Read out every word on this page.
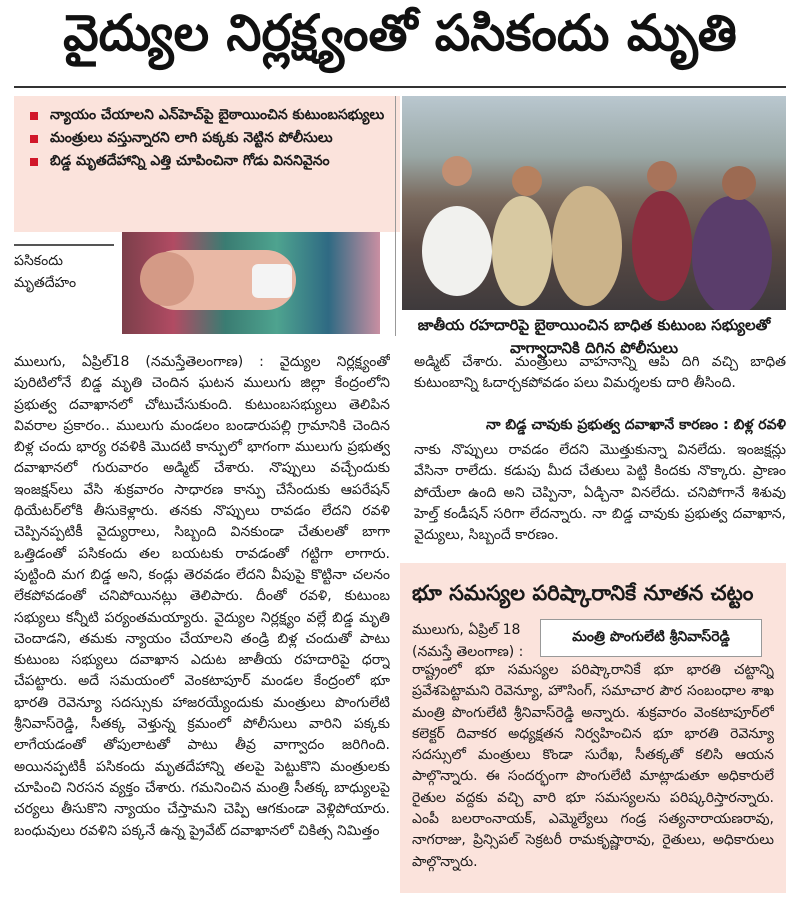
వైద్యుల నిర్లక్ష్యంతో పసికందు మృతి
న్యాయం చేయాలని ఎన్‌హెచ్‌పై బైఠాయించిన కుటుంబసభ్యులు
మంత్రులు వస్తున్నారని లాగి పక్కకు నెట్టిన పోలీసులు
బిడ్డ మృతదేహాన్ని ఎత్తి చూపించినా గోడు విననివైనం
పసికందు మృతదేహం
జాతీయ రహదారిపై బైఠాయించిన బాధిత కుటుంబ సభ్యులతో వాగ్వాదానికి దిగిన పోలీసులు

ములుగు, ఏప్రిల్‌18 (నమస్తేతెలంగాణ) : వైద్యుల నిర్లక్ష్యంతో పురిటిలోనే బిడ్డ మృతి చెందిన ఘటన ములుగు జిల్లా కేంద్రంలోని ప్రభుత్వ దవాఖానలో చోటుచేసుకుంది. కుటుంబసభ్యులు తెలిపిన వివరాల ప్రకారం.. ములుగు మండలం బండారుపల్లి గ్రామానికి చెందిన బిళ్ల చందు భార్య రవళికి మొదటి కాన్పులో భాగంగా ములుగు ప్రభుత్వ దవాఖానలో గురువారం అడ్మిట్‌ చేశారు. నొప్పులు వచ్చేందుకు ఇంజక్షన్‌లు వేసి శుక్రవారం సాధారణ కాన్పు చేసేందుకు ఆపరేషన్‌ థియేటర్‌లోకి తీసుకెళ్లారు. తనకు నొప్పులు రావడం లేదని రవళి చెప్పినప్పటికీ వైద్యురాలు, సిబ్బంది వినకుండా చేతులతో బాగా ఒత్తిడంతో పసికందు తల బయటకు రావడంతో గట్టిగా లాగారు. పుట్టింది మగ బిడ్డ అని, కండ్లు తెరవడం లేదని వీపుపై కొట్టినా చలనం లేకపోవడంతో చనిపోయినట్లు తెలిపారు. దీంతో రవళి, కుటుంబ సభ్యులు కన్నీటి పర్యంతమయ్యారు. వైద్యుల నిర్లక్ష్యం వల్లే బిడ్డ మృతి చెందాడని, తమకు న్యాయం చేయాలని తండ్రి బిళ్ల చందుతో పాటు కుటుంబ సభ్యులు దవాఖాన ఎదుట జాతీయ రహదారిపై ధర్నా చేపట్టారు. అదే సమయంలో వెంకటాపూర్‌ మండల కేంద్రంలో భూ భారతి రెవెన్యూ సదస్సుకు హాజరయ్యేందుకు మంత్రులు పొంగులేటి శ్రీనివాస్‌రెడ్డి, సీతక్క వెళ్తున్న క్రమంలో పోలీసులు వారిని పక్కకు లాగేయడంతో తోపులాటతో పాటు తీవ్ర వాగ్వాదం జరిగింది. అయినప్పటికీ పసికందు మృతదేహాన్ని తలపై పెట్టుకొని మంత్రులకు చూపించి నిరసన వ్యక్తం చేశారు. గమనించిన మంత్రి సీతక్క బాధ్యులపై చర్యలు తీసుకొని న్యాయం చేస్తామని చెప్పి ఆగకుండా వెళ్లిపోయారు. బంధువులు రవళిని పక్కనే ఉన్న ప్రైవేట్‌ దవాఖానలో చికిత్స నిమిత్తం

అడ్మిట్‌ చేశారు. మంత్రులు వాహనాన్ని ఆపి దిగి వచ్చి బాధిత కుటుంబాన్ని ఓదార్చకపోవడం పలు విమర్శలకు దారి తీసింది.

నా బిడ్డ చావుకు ప్రభుత్వ దవాఖానే కారణం : బిళ్ల రవళి

నాకు నొప్పులు రావడం లేదని మొత్తుకున్నా వినలేదు. ఇంజక్షన్లు వేసినా రాలేదు. కడుపు మీద చేతులు పెట్టి కిందకు నొక్కారు. ప్రాణం పోయేలా ఉంది అని చెప్పినా, ఏడ్చినా వినలేదు. చనిపోగానే శిశువు హెల్త్‌ కండీషన్‌ సరిగా లేదన్నారు. నా బిడ్డ చావుకు ప్రభుత్వ దవాఖాన, వైద్యులు, సిబ్బందే కారణం.

భూ సమస్యల పరిష్కారానికే నూతన చట్టం
ములుగు, ఏప్రిల్‌ 18 (నమస్తే తెలంగాణ) :
మంత్రి పొంగులేటి శ్రీనివాస్‌రెడ్డి

రాష్ట్రంలో భూ సమస్యల పరిష్కారానికే భూ భారతి చట్టాన్ని ప్రవేశపెట్టామని రెవెన్యూ, హౌసింగ్‌, సమాచార పౌర సంబంధాల శాఖ మంత్రి పొంగులేటి శ్రీనివాస్‌రెడ్డి అన్నారు. శుక్రవారం వెంకటాపూర్‌లో కలెక్టర్‌ దివాకర అధ్యక్షతన నిర్వహించిన భూ భారతి రెవెన్యూ సదస్సులో మంత్రులు కొండా సురేఖ, సీతక్కతో కలిసి ఆయన పాల్గొన్నారు. ఈ సందర్భంగా పొంగులేటి మాట్లాడుతూ అధికారులే రైతుల వద్దకు వచ్చి వారి భూ సమస్యలను పరిష్కరిస్తారన్నారు. ఎంపీ బలరాంనాయక్‌, ఎమ్మెల్యేలు గండ్ర సత్యనారాయణరావు, నాగరాజు, ప్రిన్సిపల్‌ సెక్రటరీ రామకృష్ణారావు, రైతులు, అధికారులు పాల్గొన్నారు.
